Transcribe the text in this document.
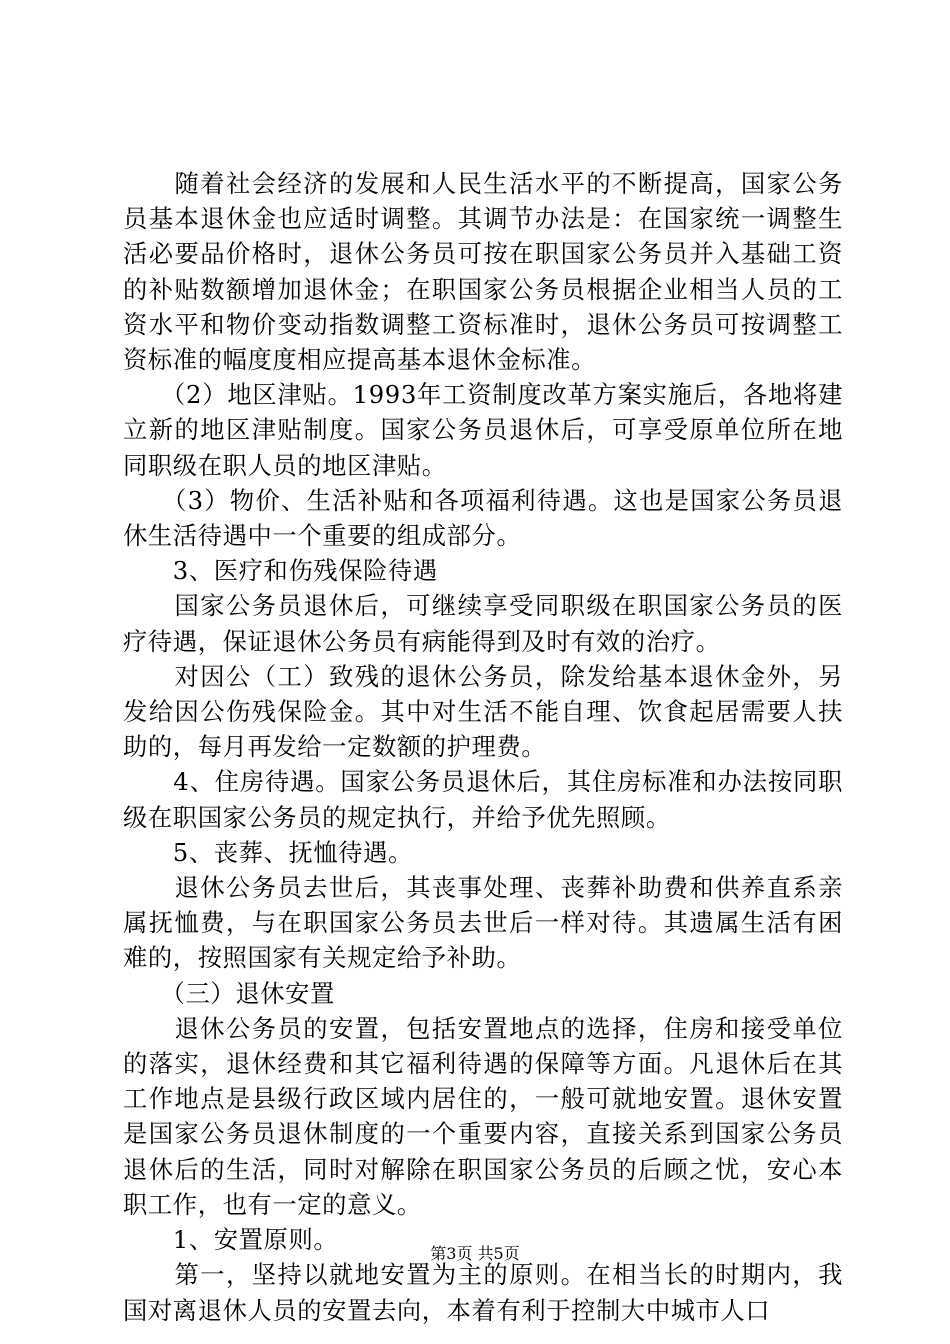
　　随着社会经济的发展和人民生活水平的不断提高，国家公务员基本退休金也应适时调整。其调节办法是：在国家统一调整生活必要品价格时，退休公务员可按在职国家公务员并入基础工资的补贴数额增加退休金；在职国家公务员根据企业相当人员的工资水平和物价变动指数调整工资标准时，退休公务员可按调整工资标准的幅度度相应提高基本退休金标准。

　　（2）地区津贴。1993年工资制度改革方案实施后，各地将建立新的地区津贴制度。国家公务员退休后，可享受原单位所在地同职级在职人员的地区津贴。

　　（3）物价、生活补贴和各项福利待遇。这也是国家公务员退休生活待遇中一个重要的组成部分。

　　3、医疗和伤残保险待遇

　　国家公务员退休后，可继续享受同职级在职国家公务员的医疗待遇，保证退休公务员有病能得到及时有效的治疗。

　　对因公（工）致残的退休公务员，除发给基本退休金外，另发给因公伤残保险金。其中对生活不能自理、饮食起居需要人扶助的，每月再发给一定数额的护理费。

　　4、住房待遇。国家公务员退休后，其住房标准和办法按同职级在职国家公务员的规定执行，并给予优先照顾。

　　5、丧葬、抚恤待遇。

　　退休公务员去世后，其丧事处理、丧葬补助费和供养直系亲属抚恤费，与在职国家公务员去世后一样对待。其遗属生活有困难的，按照国家有关规定给予补助。

　　（三）退休安置

　　退休公务员的安置，包括安置地点的选择，住房和接受单位的落实，退休经费和其它福利待遇的保障等方面。凡退休后在其工作地点是县级行政区域内居住的，一般可就地安置。退休安置是国家公务员退休制度的一个重要内容，直接关系到国家公务员退休后的生活，同时对解除在职国家公务员的后顾之忧，安心本职工作，也有一定的意义。

　　1、安置原则。

　　第一，坚持以就地安置为主的原则。在相当长的时期内，我国对离退休人员的安置去向，本着有利于控制大中城市人口

第3页 共5页
